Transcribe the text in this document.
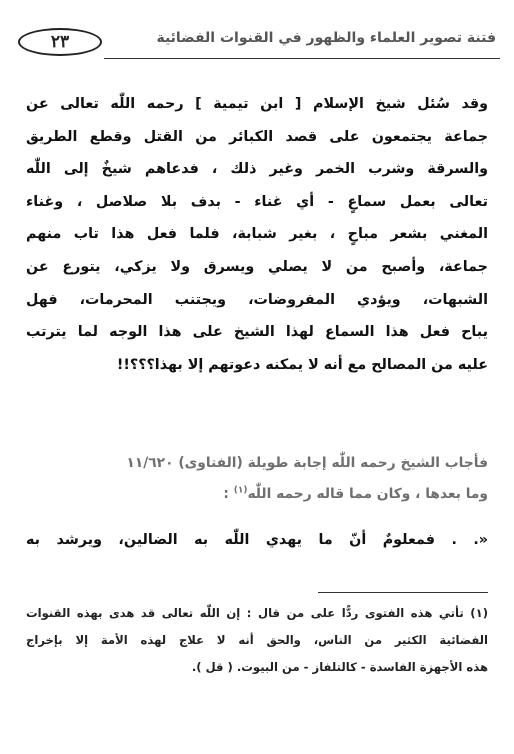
٢٣	فتنة تصوير العلماء والظهور في القنوات الفضائية
وقد سُئل شيخ الإسلام [ ابن تيمية ] رحمه اللّٰه تعالى عن
جماعة يجتمعون على قصد الكبائر من القتل وقطع الطريق
والسرقة وشرب الخمر وغير ذلك ، فدعاهم شيخٌ إلى اللّٰه
تعالى بعمل سماعٍ - أي غناء - بدف بلا صلاصل ، وغناء
المغني بشعر مباحٍ ، بغير شبابة، فلما فعل هذا تاب منهم
جماعة، وأصبح من لا يصلي ويسرق ولا يزكي، يتورع عن
الشبهات، ويؤدي المفروضات، ويجتنب المحرمات، فهل
يباح فعل هذا السماع لهذا الشيخ على هذا الوجه لما يترتب
عليه من المصالح مع أنه لا يمكنه دعوتهم إلا بهذا؟؟؟!!
فأجاب الشيخ رحمه اللّٰه إجابة طويلة (الفتاوى) ١١/٦٢٠
وما بعدها ، وكان مما قاله رحمه اللّٰه$^{(١)}$ :
«. . فمعلومٌ أنّ ما يهدي اللّٰه به الضالين، ويرشد به
(١) تأتي هذه الفتوى ردًّا على من قال : إن اللّٰه تعالى قد هدى بهذه القنوات
الفضائية الكثير من الناس، والحق أنه لا علاج لهذه الأمة إلا بإخراج
هذه الأجهزة الفاسدة - كالتلفاز - من البيوت. ( قل ).
